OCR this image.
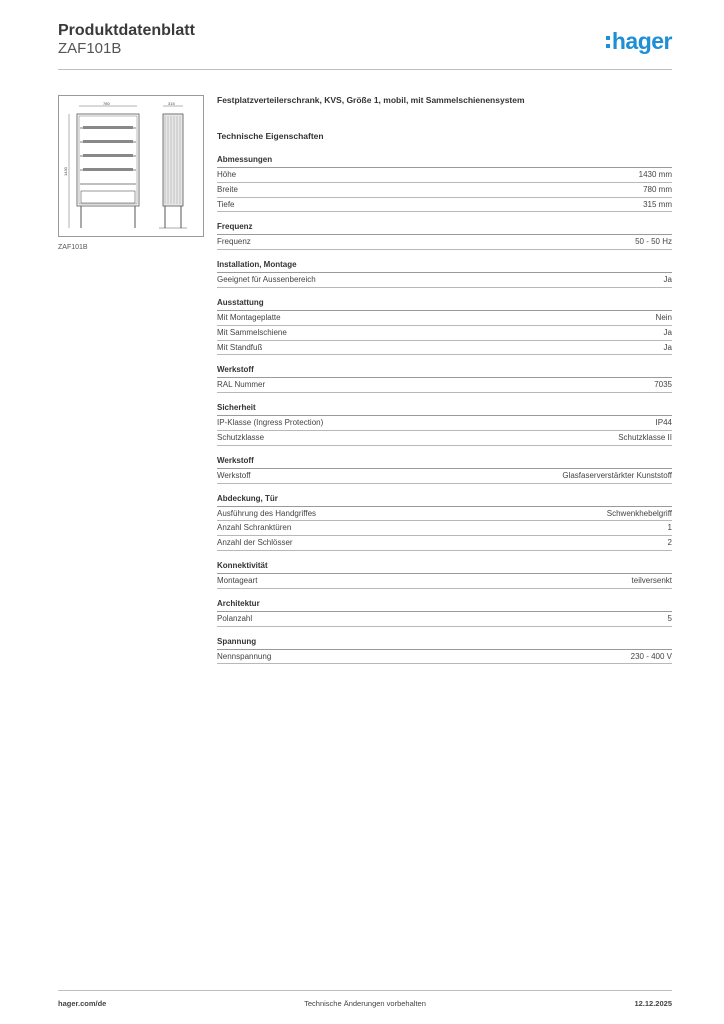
Produktdatenblatt
ZAF101B	hager
780
1430
315
ZAF101B
Festplatzverteilerschrank, KVS, Größe 1, mobil, mit Sammelschienensystem
Technische Eigenschaften
Abmessungen
Höhe	1430 mm
Breite	780 mm
Tiefe	315 mm
Frequenz
Frequenz	50 - 50 Hz
Installation, Montage
Geeignet für Aussenbereich	Ja
Ausstattung
Mit Montageplatte	Nein
Mit Sammelschiene	Ja
Mit Standfuß	Ja
Werkstoff
RAL Nummer	7035
Sicherheit
IP-Klasse (Ingress Protection)	IP44
Schutzklasse	Schutzklasse II
Werkstoff
Werkstoff	Glasfaserverstärkter Kunststoff
Abdeckung, Tür
Ausführung des Handgriffes	Schwenkhebelgriff
Anzahl Schranktüren	1
Anzahl der Schlösser	2
Konnektivität
Montageart	teilversenkt
Architektur
Polanzahl	5
Spannung
Nennspannung	230 - 400 V
hager.com/de	Technische Änderungen vorbehalten	12.12.2025
